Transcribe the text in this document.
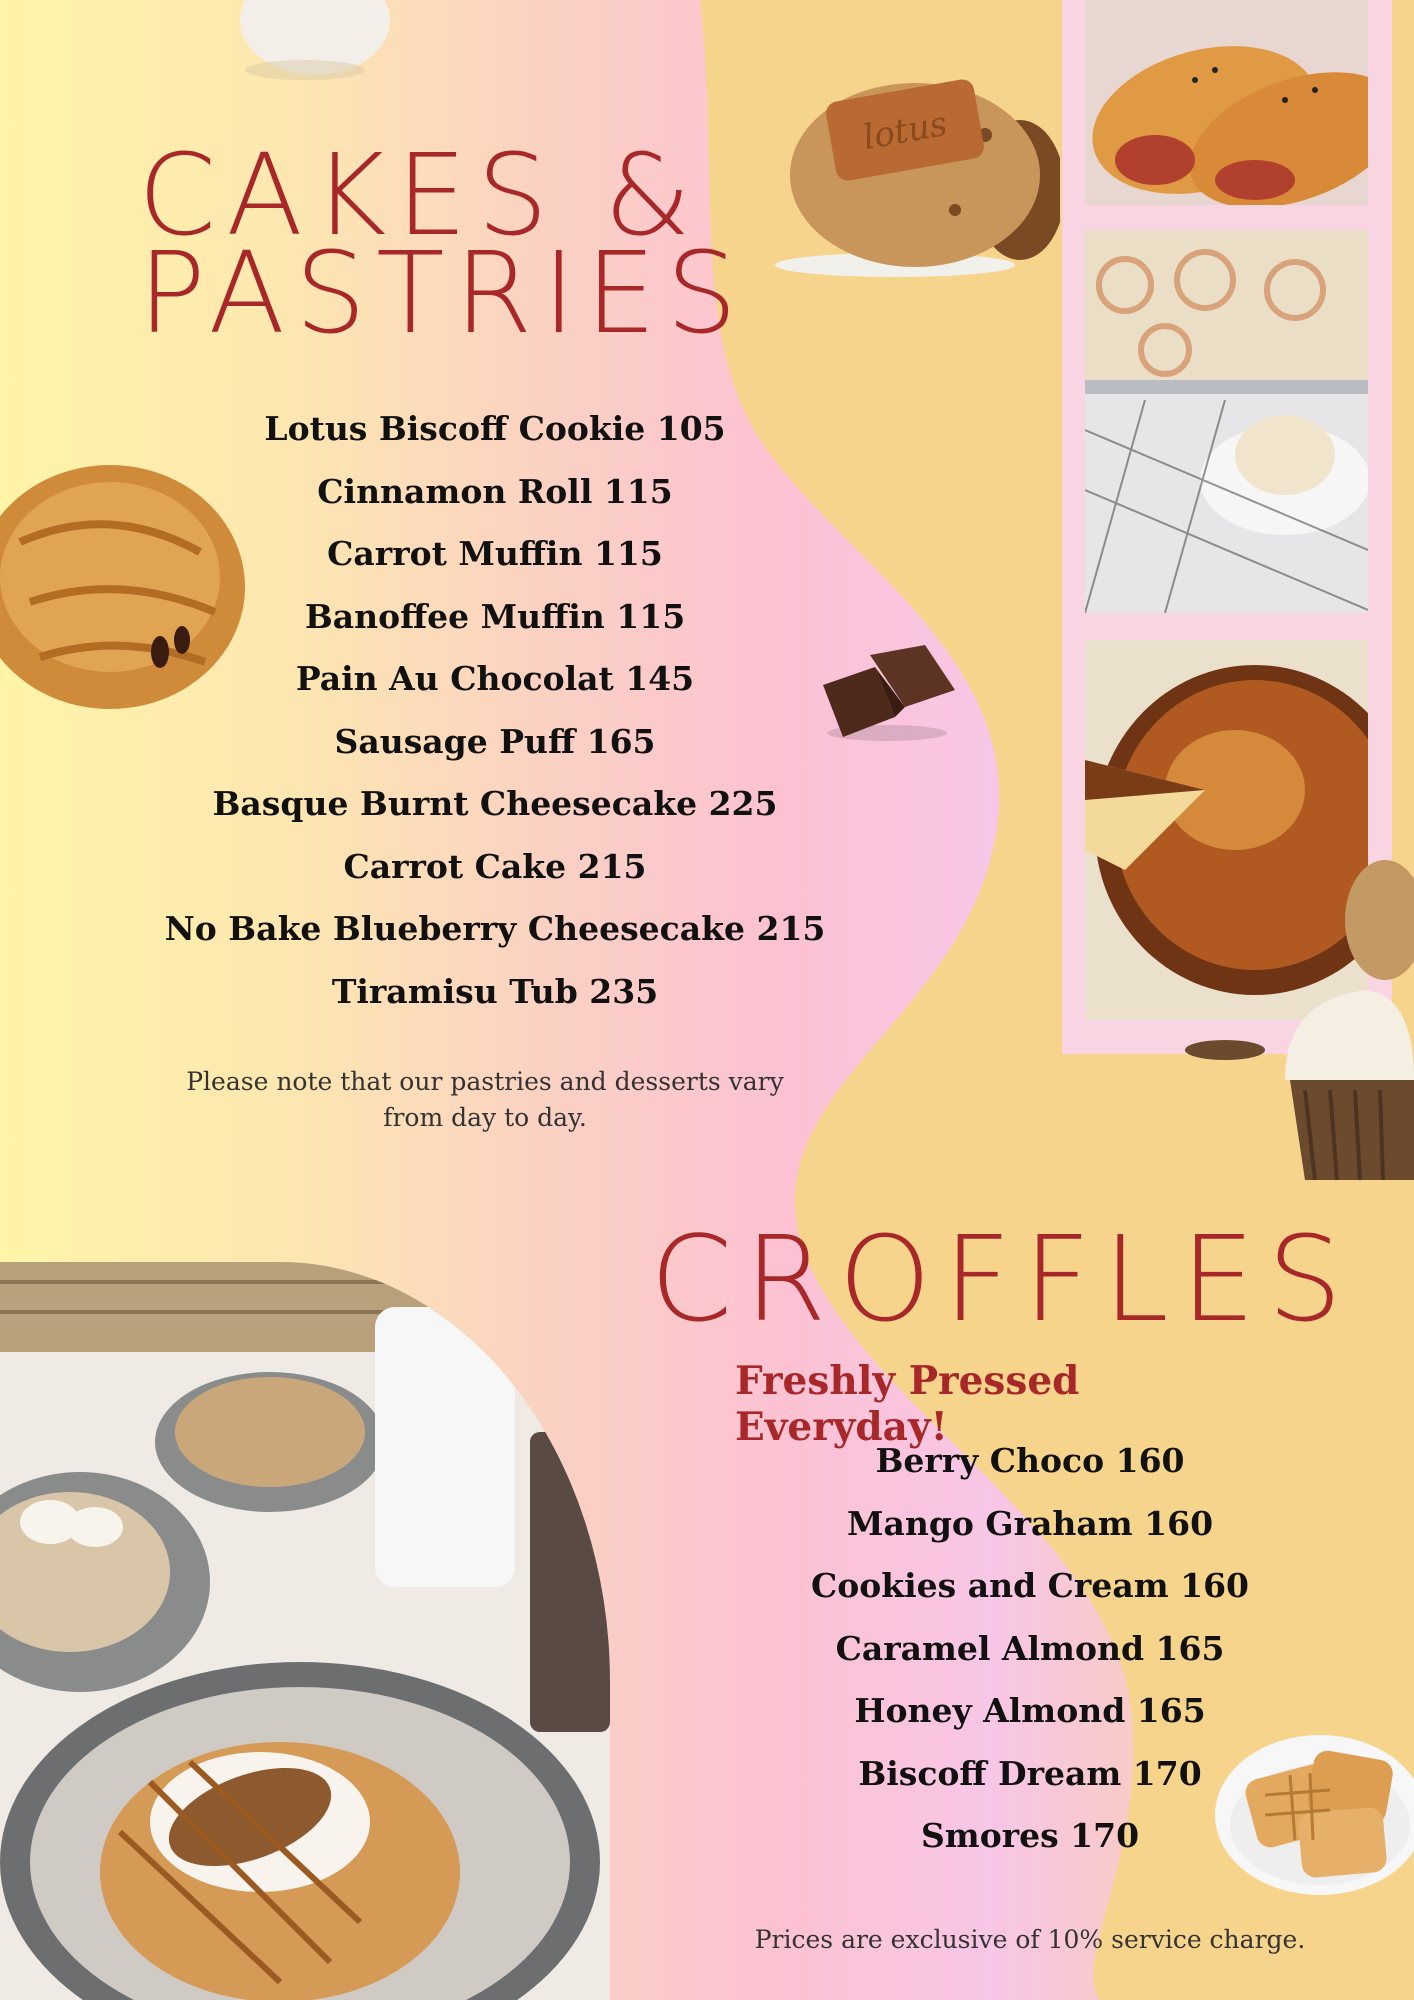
lotus
CAKES &
PASTRIES
Lotus Biscoff Cookie 105
Cinnamon Roll 115
Carrot Muffin 115
Banoffee Muffin 115
Pain Au Chocolat 145
Sausage Puff 165
Basque Burnt Cheesecake 225
Carrot Cake 215
No Bake Blueberry Cheesecake 215
Tiramisu Tub 235

Please note that our pastries and desserts vary from day to day.

CROFFLES
Freshly Pressed Everyday!
Berry Choco 160
Mango Graham 160
Cookies and Cream 160
Caramel Almond 165
Honey Almond 165
Biscoff Dream 170
Smores 170

Prices are exclusive of 10% service charge.
